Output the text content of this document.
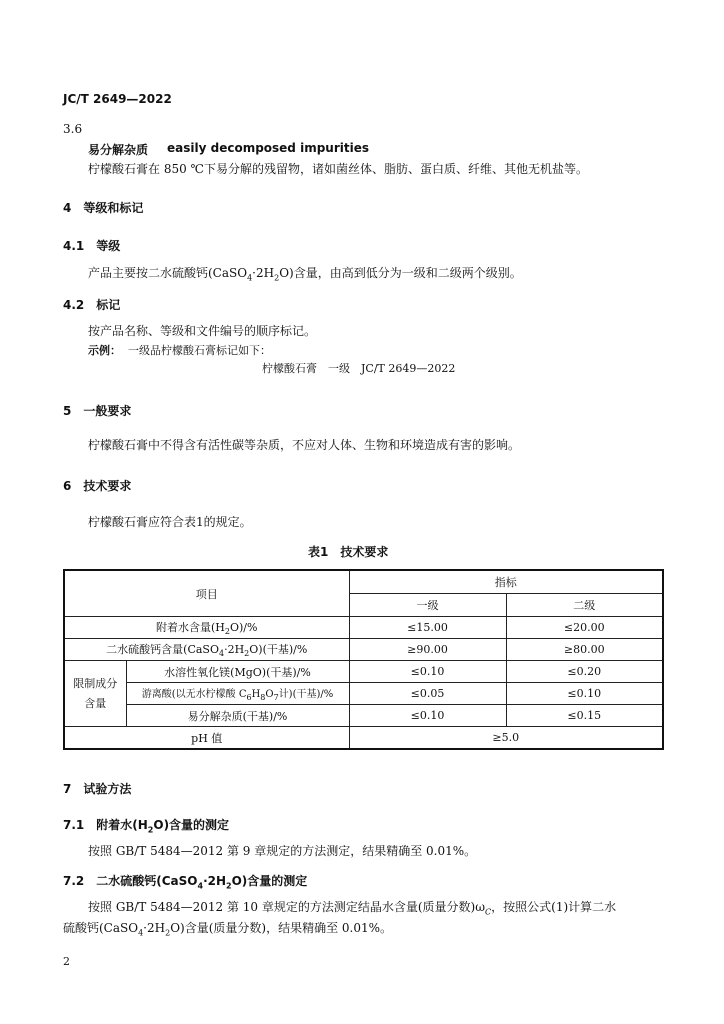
JC/T 2649—2022
3.6
易分解杂质 easily decomposed impurities
柠檬酸石膏在 850 ℃下易分解的残留物，诸如菌丝体、脂肪、蛋白质、纤维、其他无机盐等。
4　等级和标记
4.1　等级
产品主要按二水硫酸钙$(CaSO_4\cdot 2H_2O)$含量，由高到低分为一级和二级两个级别。
4.2　标记
按产品名称、等级和文件编号的顺序标记。
示例： 一级品柠檬酸石膏标记如下：
柠檬酸石膏　一级　JC/T 2649—2022
5　一般要求
柠檬酸石膏中不得含有活性碳等杂质，不应对人体、生物和环境造成有害的影响。
6　技术要求
柠檬酸石膏应符合表1的规定。
表1　技术要求
项目		指标	
		一级	二级
附着水含量$(H_2O)/\%$		≤15.00	≤20.00
二水硫酸钙含量$(CaSO_4\cdot 2H_2O)$(干基)/%		≥90.00	≥80.00
限制成分
含量	水溶性氧化镁(MgO)(干基)/%	≤0.10	≤0.20
	游离酸(以无水柠檬酸 $C_6H_8O_7$计)(干基)/%	≤0.05	≤0.10
	易分解杂质(干基)/%	≤0.10	≤0.15
pH 值		≥5.0	
7　试验方法
7.1　附着水$(H_2O)$含量的测定
按照 GB/T 5484—2012 第 9 章规定的方法测定，结果精确至 0.01%。
7.2　二水硫酸钙$(CaSO_4\cdot 2H_2O)$含量的测定
按照 GB/T 5484—2012 第 10 章规定的方法测定结晶水含量(质量分数)$\omega_C$，按照公式(1)计算二水
硫酸钙$(CaSO_4\cdot 2H_2O)$含量(质量分数)，结果精确至 0.01%。
2
